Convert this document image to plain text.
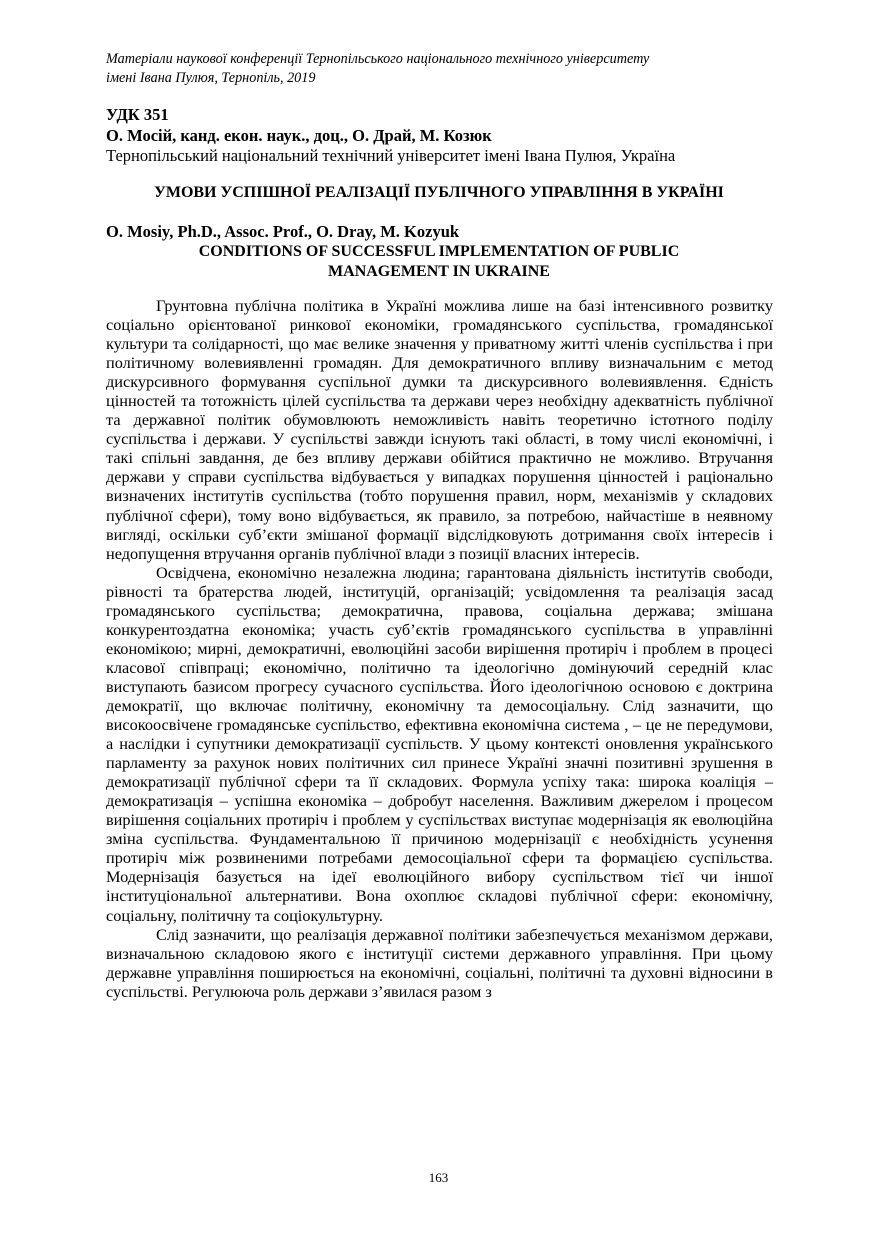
Матеріали наукової конференції Тернопільського національного технічного університету
імені Івана Пулюя, Тернопіль, 2019
УДК 351
О. Мосій, канд. екон. наук., доц., О. Драй, М. Козюк
Тернопільський національний технічний університет імені Івана Пулюя, Україна
УМОВИ УСПІШНОЇ РЕАЛІЗАЦІЇ ПУБЛІЧНОГО УПРАВЛІННЯ В УКРАЇНІ
O. Mosiy, Ph.D., Assoc. Prof., O. Dray, M. Kozyuk
CONDITIONS OF SUCCESSFUL IMPLEMENTATION OF PUBLIC
MANAGEMENT IN UKRAINE

Грунтовна публічна політика в Україні можлива лише на базі інтенсивного розвитку соціально орієнтованої ринкової економіки, громадянського суспільства, громадянської культури та солідарності, що має велике значення у приватному житті членів суспільства і при політичному волевиявленні громадян. Для демократичного впливу визначальним є метод дискурсивного формування суспільної думки та дискурсивного волевиявлення. Єдність цінностей та тотожність цілей суспільства та держави через необхідну адекватність публічної та державної політик обумовлюють неможливість навіть теоретично істотного поділу суспільства і держави. У суспільстві завжди існують такі області, в тому числі економічні, і такі спільні завдання, де без впливу держави обійтися практично не можливо. Втручання держави у справи суспільства відбувається у випадках порушення цінностей і раціонально визначених інститутів суспільства (тобто порушення правил, норм, механізмів у складових публічної сфери), тому воно відбувається, як правило, за потребою, найчастіше в неявному вигляді, оскільки суб’єкти змішаної формації відслідковують дотримання своїх інтересів і недопущення втручання органів публічної влади з позиції власних інтересів.

Освідчена, економічно незалежна людина; гарантована діяльність інститутів свободи, рівності та братерства людей, інституцій, організацій; усвідомлення та реалізація засад громадянського суспільства; демократична, правова, соціальна держава; змішана конкурентоздатна економіка; участь суб’єктів громадянського суспільства в управлінні економікою; мирні, демократичні, еволюційні засоби вирішення протиріч і проблем в процесі класової співпраці; економічно, політично та ідеологічно домінуючий середній клас виступають базисом прогресу сучасного суспільства. Його ідеологічною основою є доктрина демократії, що включає політичну, економічну та демосоціальну. Слід зазначити, що високоосвічене громадянське суспільство, ефективна економічна система , – це не передумови, а наслідки і супутники демократизації суспільств. У цьому контексті оновлення українського парламенту за рахунок нових політичних сил принесе Україні значні позитивні зрушення в демократизації публічної сфери та її складових. Формула успіху така: широка коаліція – демократизація – успішна економіка – добробут населення. Важливим джерелом і процесом вирішення соціальних протиріч і проблем у суспільствах виступає модернізація як еволюційна зміна суспільства. Фундаментальною її причиною модернізації є необхідність усунення протиріч між розвиненими потребами демосоціальної сфери та формацією суспільства. Модернізація базується на ідеї еволюційного вибору суспільством тієї чи іншої інституціональної альтернативи. Вона охоплює складові публічної сфери: економічну, соціальну, політичну та соціокультурну.

Слід зазначити, що реалізація державної політики забезпечується механізмом держави, визначальною складовою якого є інституції системи державного управління. При цьому державне управління поширюється на економічні, соціальні, політичні та духовні відносини в суспільстві. Регулююча роль держави з’явилася разом з

163
